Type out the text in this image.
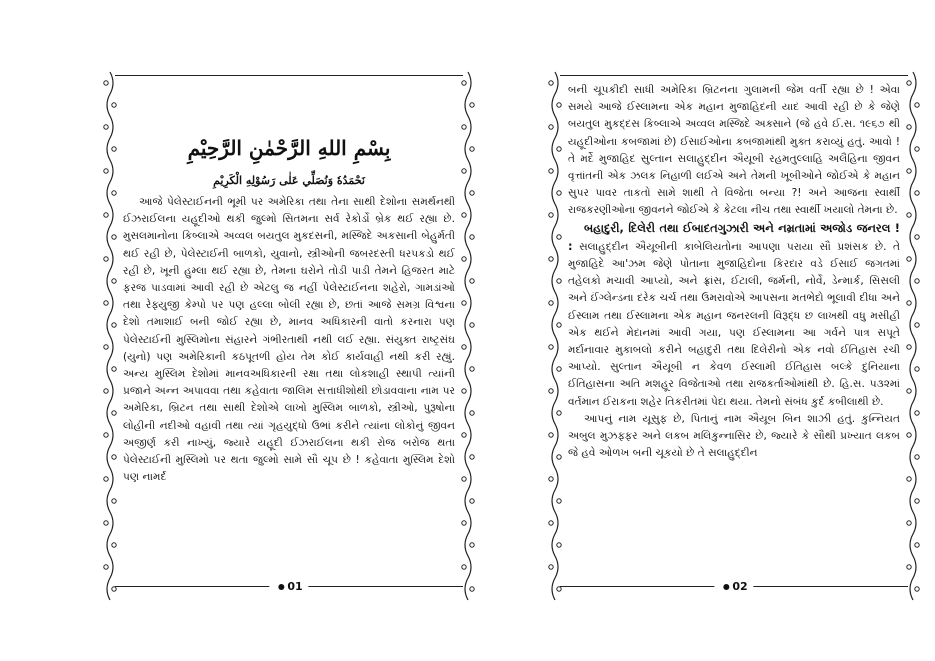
بِسْمِ اللهِ الرَّحْمٰنِ الرَّحِيْمِ
نَحْمَدُهٗ وَنُصَلِّي عَلٰى رَسُوْلِهِ الْكَرِيْمِ

આજે પેલેસ્ટાઈનની ભૂમી પર અમેરિકા તથા તેના સાથી દેશોના સમર્થનથી ઈઝરાઈલના યહૂદીઓ થકી જુલ્મો સિતમના સર્વ રેકોર્ડો બ્રેક થઈ રહ્યા છે. મુસલમાનોના કિબ્લાએ અવ્વલ બયતુલ મુકદસની, મસ્જિદે અકસાની બેહુર્મતી થઈ રહી છે, પેલેસ્ટાઈની બાળકો, યુવાનો, સ્ત્રીઓની જબરદસ્તી ધરપકડો થઈ રહી છે, ખૂની હુમ્લા થઈ રહ્યા છે, તેમના ઘરોને તોડી પાડી તેમને હિજરત માટે ફરજ પાડવામાં આવી રહી છે એટલુ જ નહીં પેલેસ્ટાઈનના શહેરો, ગામડાંઓ તથા રેફ્યુજી કેમ્પો પર પણ હલ્લા બોલી રહ્યા છે, છતાં આજે સમગ્ર વિશ્વના દેશો તમાશાઈ બની જોઈ રહ્યા છે, માનવ અધિકારની વાતો કરનારા પણ પેલેસ્ટાઈની મુસ્લિમોના સંહારને ગંભીરતાથી નથી લઈ રહ્યા. સંયુક્ત રાષ્ટ્રસંઘ (યુનો) પણ અમેરિકાની કઠપૂતળી હોય તેમ કોઈ કાર્યવાહી નથી કરી રહ્યું. અન્ય મુસ્લિમ દેશોમાં માનવઅધિકારની રક્ષા તથા લોકશાહી સ્થાપી ત્યાંની પ્રજાને અન્ન અપાવવા તથા કહેવાતા જાલિમ સત્તાધીશોથી છોડાવવાના નામ પર અમેરિકા, બ્રિટન તથા સાથી દેશોએ લાખો મુસ્લિમ બાળકો, સ્ત્રીઓ, પુરૂષોના લોહીની નદીઓ વહાવી તથા ત્યાં ગૃહયુદ્ધો ઉભાં કરીને ત્યાંના લોકોનું જીવન અજીર્ણ કરી નાખ્યું, જ્યારે યહૂદી ઈઝરાઈલના થકી રોજ બરોજ થતા પેલેસ્ટાઈની મુસ્લિમો પર થતા જુલ્મો સામે સૌ ચૂપ છે ! કહેવાતા મુસ્લિમ દેશો પણ નામર્દ

01

બની ચૂપકીદી સાધી અમેરિકા બ્રિટનના ગુલામની જેમ વર્તી રહ્યા છે ! એવા સમયે આજે ઈસ્લામના એક મહાન મુજાહિદની યાદ આવી રહી છે કે જેણે બયતુલ મુકદ્દસ કિબ્લાએ અવ્વલ મસ્જિદે અક્સાને (જે હવે ઈ.સ. ૧૯૬૭ થી યહૂદીઓના કબજામાં છે) ઈસાઈઓના કબજામાંથી મુક્ત કરાવ્યું હતું. આવો ! તે મર્દે મુજાહિદ સુલ્તાન સલાહુદ્દીન ઐયૂબી રહમતુલ્લાહિ અલૈહિના જીવન વૃત્તાંતની એક ઝલક નિહાળી લઈએ અને તેમની ખૂબીઓને જોઈએ કે મહાન સુપર પાવર તાકતો સામે શાથી તે વિજેતા બન્યા ?! અને આજના સ્વાર્થી રાજકરણીઓના જીવનને જોઈએ કે કેટલા નીચ તથા સ્વાર્થી ખયાલો તેમના છે.

બહાદુરી, દિલેરી તથા ઈબાદતગુઝારી અને નમ્રતામાં અજોડ જનરલ ! : સલાહુદ્દીન ઐયૂબીની કાબેલિયતોના આપણા પરાયા સૌ પ્રશંસક છે. તે મુજાહિદે આ'ઝમ જેણે પોતાના મુજાહિદોના કિરદાર વડે ઈસાઈ જગતમાં તહેલકો મચાવી આપ્યો, અને ફ્રાંસ, ઈટાલી, જર્મની, નોર્વે, ડેન્માર્ક, સિસલી અને ઈંગ્લેન્ડના દરેક ચર્ચ તથા ઉમરાવોએ આપસના મતભેદો ભૂલાવી દીધા અને ઈસ્લામ તથા ઈસ્લામના એક મહાન જનરલની વિરૂદ્ધ છ લાખથી વધુ મસીહી એક થઈને મેદાનમાં આવી ગયા, પણ ઈસ્લામના આ ગર્વને પાત્ર સપૂતે મર્દાનાવાર મુકાબલો કરીને બહાદુરી તથા દિલેરીનો એક નવો ઈતિહાસ રચી આપ્યો. સુલ્તાન ઐયૂબી ન કેવળ ઈસ્લામી ઈતિહાસ બલ્કે દુનિયાના ઈતિહાસના અતિ મશહૂર વિજેતાઓ તથા રાજકર્તાઓમાંથી છે. હિ.સ. પ૩૨માં વર્તમાન ઈરાકના શહેર તિકરીતમાં પેદા થયા. તેમનો સંબંધ કુર્દ કબીલાથી છે.

આપનું નામ યૂસુફ છે, પિતાનું નામ ઐયૂબ બિન શાઝી હતું. કુન્નિયત અબુલ મુઝફ્ફર અને લકબ મલિકુન્નાસિર છે, જ્યારે કે સૌથી પ્રખ્યાત લકબ જે હવે ઓળખ બની ચૂકયો છે તે સલાહુદ્દીન

02
